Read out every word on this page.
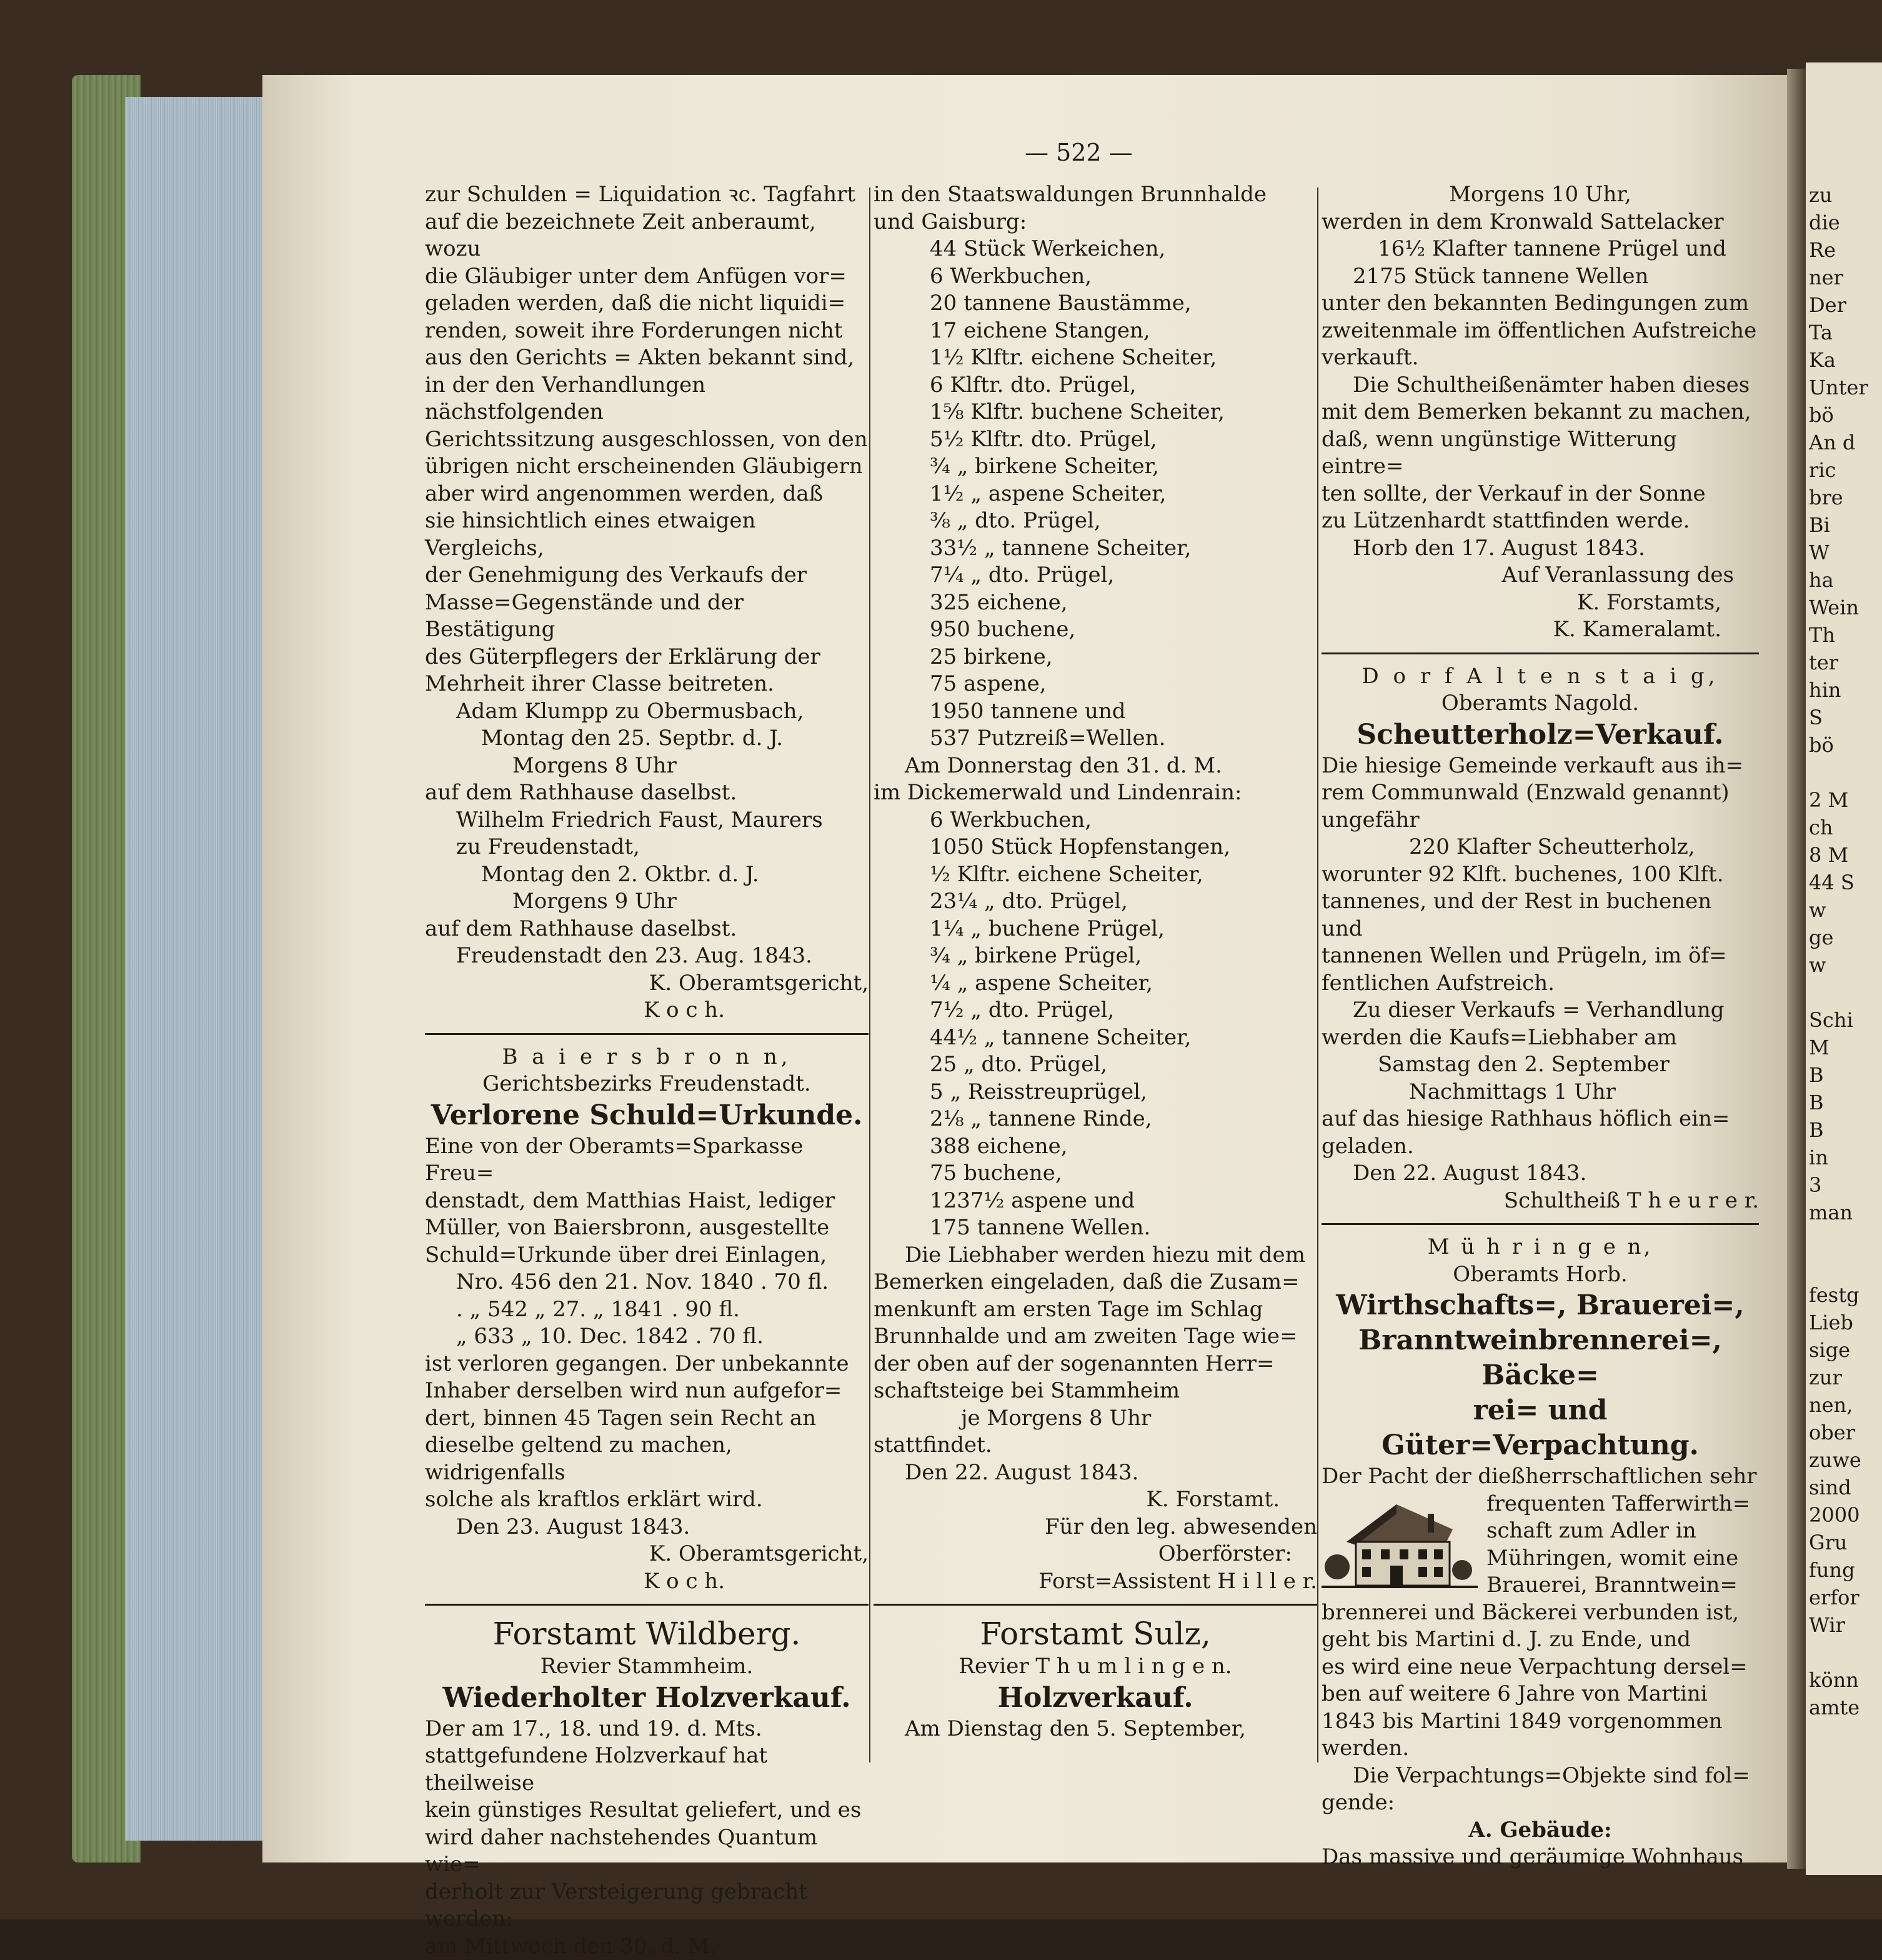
— 522 —

zur Schulden = Liquidation ꝛc. Tagfahrt

auf die bezeichnete Zeit anberaumt, wozu

die Gläubiger unter dem Anfügen vor=

geladen werden, daß die nicht liquidi=

renden, soweit ihre Forderungen nicht

aus den Gerichts = Akten bekannt sind,

in der den Verhandlungen nächstfolgenden

Gerichtssitzung ausgeschlossen, von den

übrigen nicht erscheinenden Gläubigern

aber wird angenommen werden, daß

sie hinsichtlich eines etwaigen Vergleichs,

der Genehmigung des Verkaufs der

Masse=Gegenstände und der Bestätigung

des Güterpflegers der Erklärung der

Mehrheit ihrer Classe beitreten.

Adam Klumpp zu Obermusbach,

Montag den 25. Septbr. d. J.

Morgens 8 Uhr

auf dem Rathhause daselbst.

Wilhelm Friedrich Faust, Maurers

zu Freudenstadt,

Montag den 2. Oktbr. d. J.

Morgens 9 Uhr

auf dem Rathhause daselbst.

Freudenstadt den 23. Aug. 1843.

K. Oberamtsgericht,

K o c h.

B a i e r s b r o n n,

Gerichtsbezirks Freudenstadt.

Verlorene Schuld=Urkunde.

Eine von der Oberamts=Sparkasse Freu=

denstadt, dem Matthias Haist, lediger

Müller, von Baiersbronn, ausgestellte

Schuld=Urkunde über drei Einlagen,

Nro. 456 den 21. Nov. 1840 . 70 fl.

. „ 542 „ 27. „ 1841 . 90 fl.

„ 633 „ 10. Dec. 1842 . 70 fl.

ist verloren gegangen. Der unbekannte

Inhaber derselben wird nun aufgefor=

dert, binnen 45 Tagen sein Recht an

dieselbe geltend zu machen, widrigenfalls

solche als kraftlos erklärt wird.

Den 23. August 1843.

K. Oberamtsgericht,

K o c h.

Forstamt Wildberg.

Revier Stammheim.

Wiederholter Holzverkauf.

Der am 17., 18. und 19. d. Mts.

stattgefundene Holzverkauf hat theilweise

kein günstiges Resultat geliefert, und es

wird daher nachstehendes Quantum wie=

derholt zur Versteigerung gebracht werden:

am Mittwoch den 30. d. M.

in den Staatswaldungen Brunnhalde

und Gaisburg:

44 Stück Werkeichen,

6 Werkbuchen,

20 tannene Baustämme,

17 eichene Stangen,

1½ Klftr. eichene Scheiter,

6 Klftr. dto. Prügel,

1⅝ Klftr. buchene Scheiter,

5½ Klftr. dto. Prügel,

¾ „ birkene Scheiter,

1½ „ aspene Scheiter,

⅜ „ dto. Prügel,

33½ „ tannene Scheiter,

7¼ „ dto. Prügel,

325 eichene,

950 buchene,

25 birkene,

75 aspene,

1950 tannene und

537 Putzreiß=Wellen.

Am Donnerstag den 31. d. M.

im Dickemerwald und Lindenrain:

6 Werkbuchen,

1050 Stück Hopfenstangen,

½ Klftr. eichene Scheiter,

23¼ „ dto. Prügel,

1¼ „ buchene Prügel,

¾ „ birkene Prügel,

¼ „ aspene Scheiter,

7½ „ dto. Prügel,

44½ „ tannene Scheiter,

25 „ dto. Prügel,

5 „ Reisstreuprügel,

2⅛ „ tannene Rinde,

388 eichene,

75 buchene,

1237½ aspene und

175 tannene Wellen.

Die Liebhaber werden hiezu mit dem

Bemerken eingeladen, daß die Zusam=

menkunft am ersten Tage im Schlag

Brunnhalde und am zweiten Tage wie=

der oben auf der sogenannten Herr=

schaftsteige bei Stammheim

je Morgens 8 Uhr

stattfindet.

Den 22. August 1843.

K. Forstamt.

Für den leg. abwesenden

Oberförster:

Forst=Assistent H i l l e r.

Forstamt Sulz,

Revier T h u m l i n g e n.

Holzverkauf.

Am Dienstag den 5. September,

Morgens 10 Uhr,

werden in dem Kronwald Sattelacker

16½ Klafter tannene Prügel und

2175 Stück tannene Wellen

unter den bekannten Bedingungen zum

zweitenmale im öffentlichen Aufstreiche

verkauft.

Die Schultheißenämter haben dieses

mit dem Bemerken bekannt zu machen,

daß, wenn ungünstige Witterung eintre=

ten sollte, der Verkauf in der Sonne

zu Lützenhardt stattfinden werde.

Horb den 17. August 1843.

Auf Veranlassung des

K. Forstamts,

K. Kameralamt.

D o r f A l t e n s t a i g,

Oberamts Nagold.

Scheutterholz=Verkauf.

Die hiesige Gemeinde verkauft aus ih=

rem Communwald (Enzwald genannt)

ungefähr

220 Klafter Scheutterholz,

worunter 92 Klft. buchenes, 100 Klft.

tannenes, und der Rest in buchenen und

tannenen Wellen und Prügeln, im öf=

fentlichen Aufstreich.

Zu dieser Verkaufs = Verhandlung

werden die Kaufs=Liebhaber am

Samstag den 2. September

Nachmittags 1 Uhr

auf das hiesige Rathhaus höflich ein=

geladen.

Den 22. August 1843.

Schultheiß T h e u r e r.

M ü h r i n g e n,

Oberamts Horb.

Wirthschafts=, Brauerei=,

Branntweinbrennerei=, Bäcke=

rei= und Güter=Verpachtung.

Der Pacht der dießherrschaftlichen sehr

frequenten Tafferwirth=

schaft zum Adler in

Mühringen, womit eine

Brauerei, Branntwein=

brennerei und Bäckerei verbunden ist,

geht bis Martini d. J. zu Ende, und

es wird eine neue Verpachtung dersel=

ben auf weitere 6 Jahre von Martini

1843 bis Martini 1849 vorgenommen

werden.

Die Verpachtungs=Objekte sind fol=

gende:

A. Gebäude:

Das massive und geräumige Wohnhaus

zu

die

Re

ner

Der

Ta

Ka

Unter

bö

An d

ric

bre

Bi

W

ha

Wein

Th

ter

hin

S

bö

2 M

ch

8 M

44 S

w

ge

w

Schi

M

B

B

B

in

3

man

festg

Lieb

sige

zur

nen,

ober

zuwe

sind

2000

Gru

fung

erfor

Wir

könn

amte
